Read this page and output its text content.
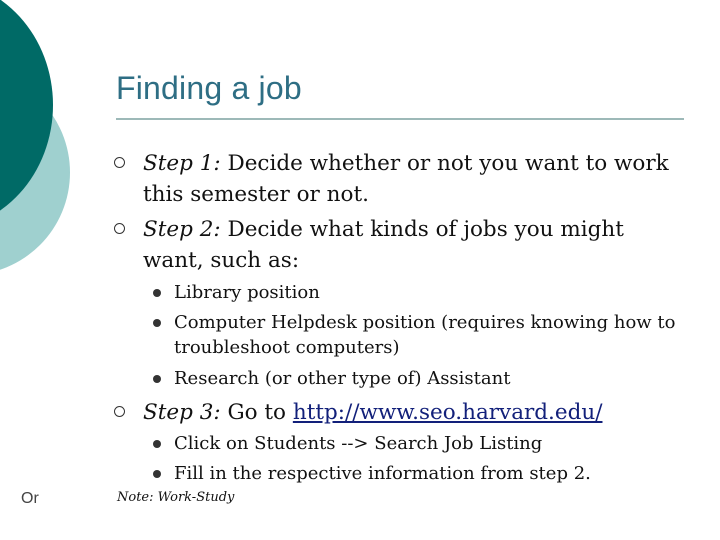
Finding a job
Step 1: Decide whether or not you want to work this semester or not.
Step 2: Decide what kinds of jobs you might want, such as:
Library position
Computer Helpdesk position (requires knowing how to troubleshoot computers)
Research (or other type of) Assistant
Step 3: Go to http://www.seo.harvard.edu/
Click on Students --> Search Job Listing
Fill in the respective information from step 2.
Note: Work-Study
Or
